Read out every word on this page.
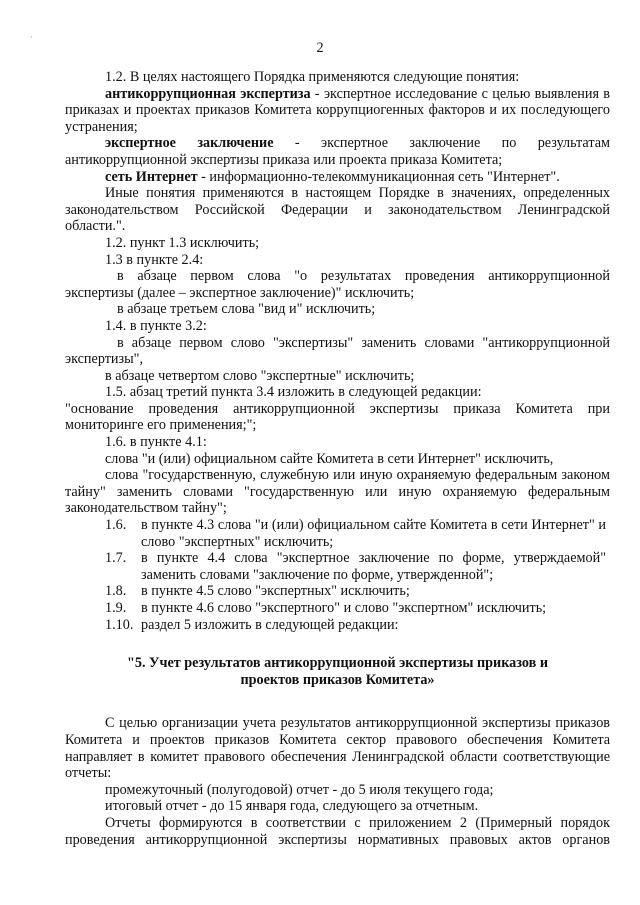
·
2

1.2. В целях настоящего Порядка применяются следующие понятия:

антикоррупционная экспертиза - экспертное исследование с целью выявления в приказах и проектах приказов Комитета коррупциогенных факторов и их последующего устранения;

экспертное заключение - экспертное заключение по результатам антикоррупционной экспертизы приказа или проекта приказа Комитета;

сеть Интернет - информационно-телекоммуникационная сеть "Интернет".

Иные понятия применяются в настоящем Порядке в значениях, определенных законодательством Российской Федерации и законодательством Ленинградской области.".

1.2. пункт 1.3 исключить;

1.3 в пункте 2.4:

в абзаце первом слова "о результатах проведения антикоррупционной экспертизы (далее – экспертное заключение)" исключить;

в абзаце третьем слова "вид и" исключить;

1.4. в пункте 3.2:

в абзаце первом слово "экспертизы" заменить словами "антикоррупционной экспертизы",

в абзаце четвертом слово "экспертные" исключить;

1.5. абзац третий пункта 3.4 изложить в следующей редакции:

"основание проведения антикоррупционной экспертизы приказа Комитета при мониторинге его применения;";

1.6. в пункте 4.1:

слова "и (или) официальном сайте Комитета в сети Интернет" исключить,

слова "государственную, служебную или иную охраняемую федеральным законом тайну" заменить словами "государственную или иную охраняемую федеральным законодательством тайну";

1.6. в пункте 4.3 слова "и (или) официальном сайте Комитета в сети Интернет" и слово "экспертных" исключить;

1.7. в пункте 4.4 слова "экспертное заключение по форме, утверждаемой" заменить словами "заключение по форме, утвержденной";

1.8. в пункте 4.5 слово "экспертных" исключить;

1.9. в пункте 4.6 слово "экспертного" и слово "экспертном" исключить;

1.10. раздел 5 изложить в следующей редакции:

"5. Учет результатов антикоррупционной экспертизы приказов и
проектов приказов Комитета»

С целью организации учета результатов антикоррупционной экспертизы приказов Комитета и проектов приказов Комитета сектор правового обеспечения Комитета направляет в комитет правового обеспечения Ленинградской области соответствующие отчеты:

промежуточный (полугодовой) отчет - до 5 июля текущего года;

итоговый отчет - до 15 января года, следующего за отчетным.

Отчеты формируются в соответствии с приложением 2 (Примерный порядок проведения антикоррупционной экспертизы нормативных правовых актов органов
